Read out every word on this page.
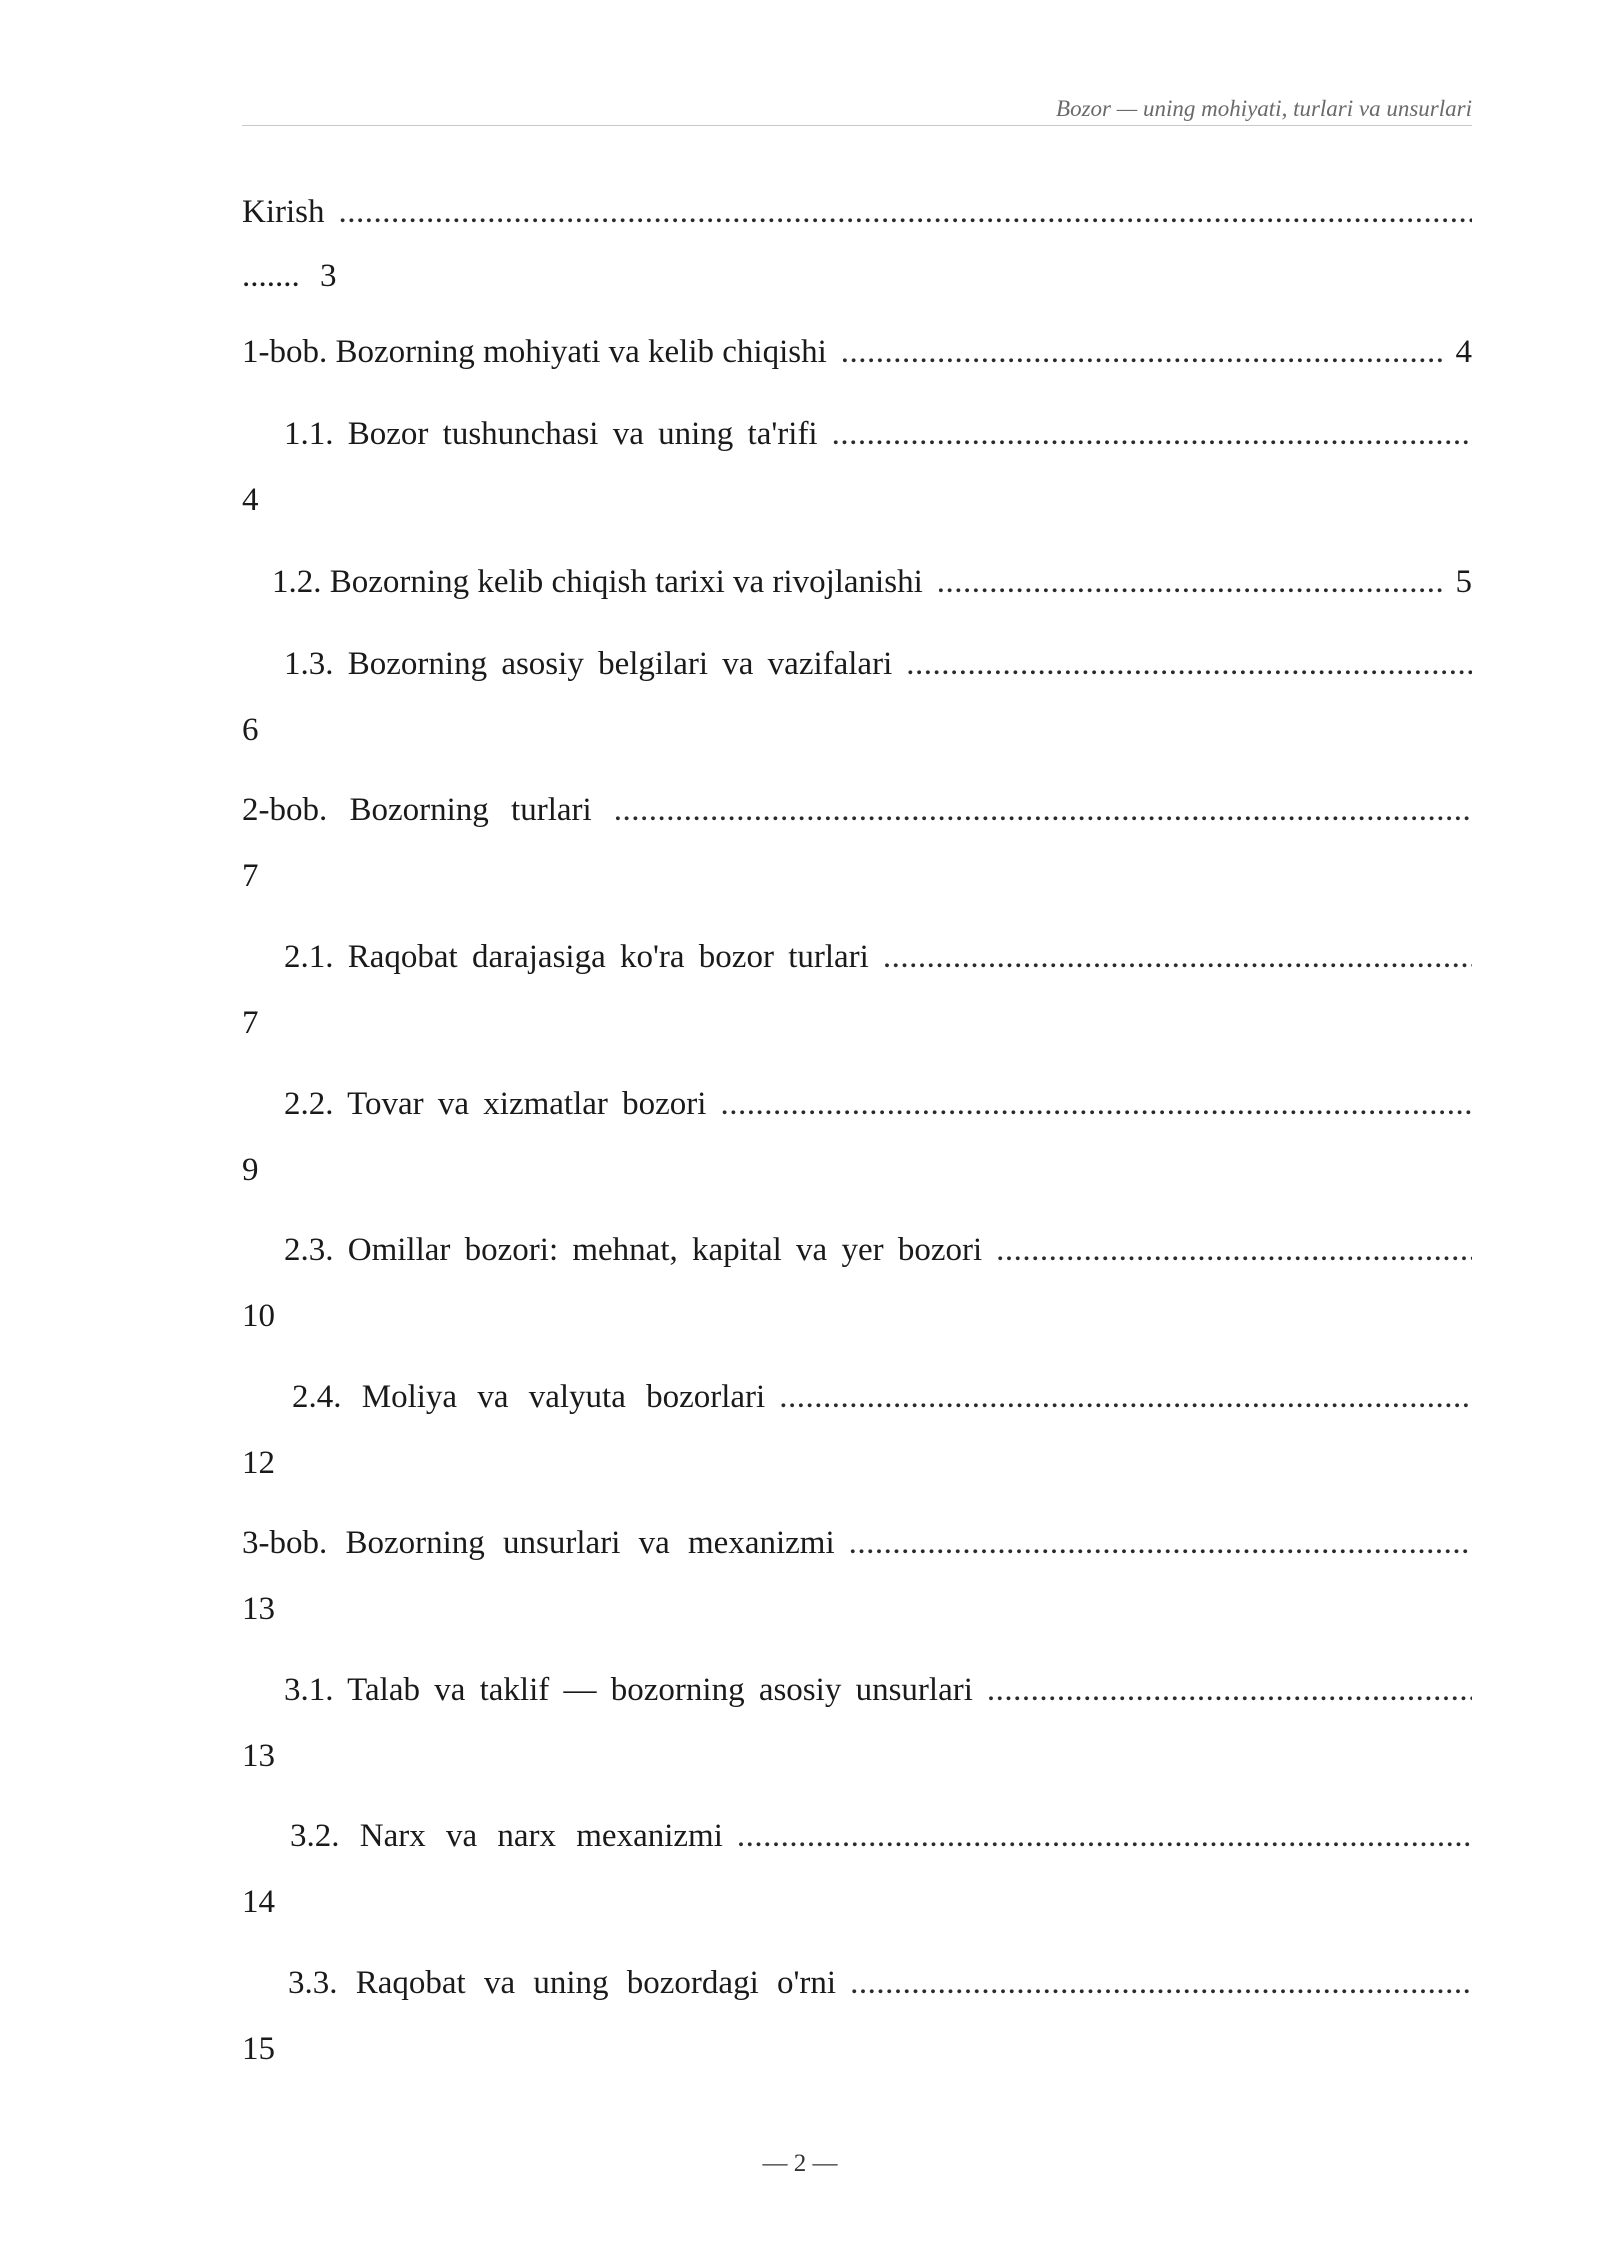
Bozor — uning mohiyati, turlari va unsurlari
Kirish
.....
....... 3
1-bob. Bozorning mohiyati va kelib chiqishi .....	4
1.1. Bozor tushunchasi va uning ta'rifi
.....
4
1.2. Bozorning kelib chiqish tarixi va rivojlanishi .....	5
1.3. Bozorning asosiy belgilari va vazifalari
.....
6
2-bob. Bozorning turlari
.....
7
2.1. Raqobat darajasiga ko'ra bozor turlari
.....
7
2.2. Tovar va xizmatlar bozori
.....
9
2.3. Omillar bozori: mehnat, kapital va yer bozori
.....
10
2.4. Moliya va valyuta bozorlari
.....
12
3-bob. Bozorning unsurlari va mexanizmi
.....
13
3.1. Talab va taklif — bozorning asosiy unsurlari
.....
13
3.2. Narx va narx mexanizmi
.....
14
3.3. Raqobat va uning bozordagi o'rni
.....
15
— 2 —
